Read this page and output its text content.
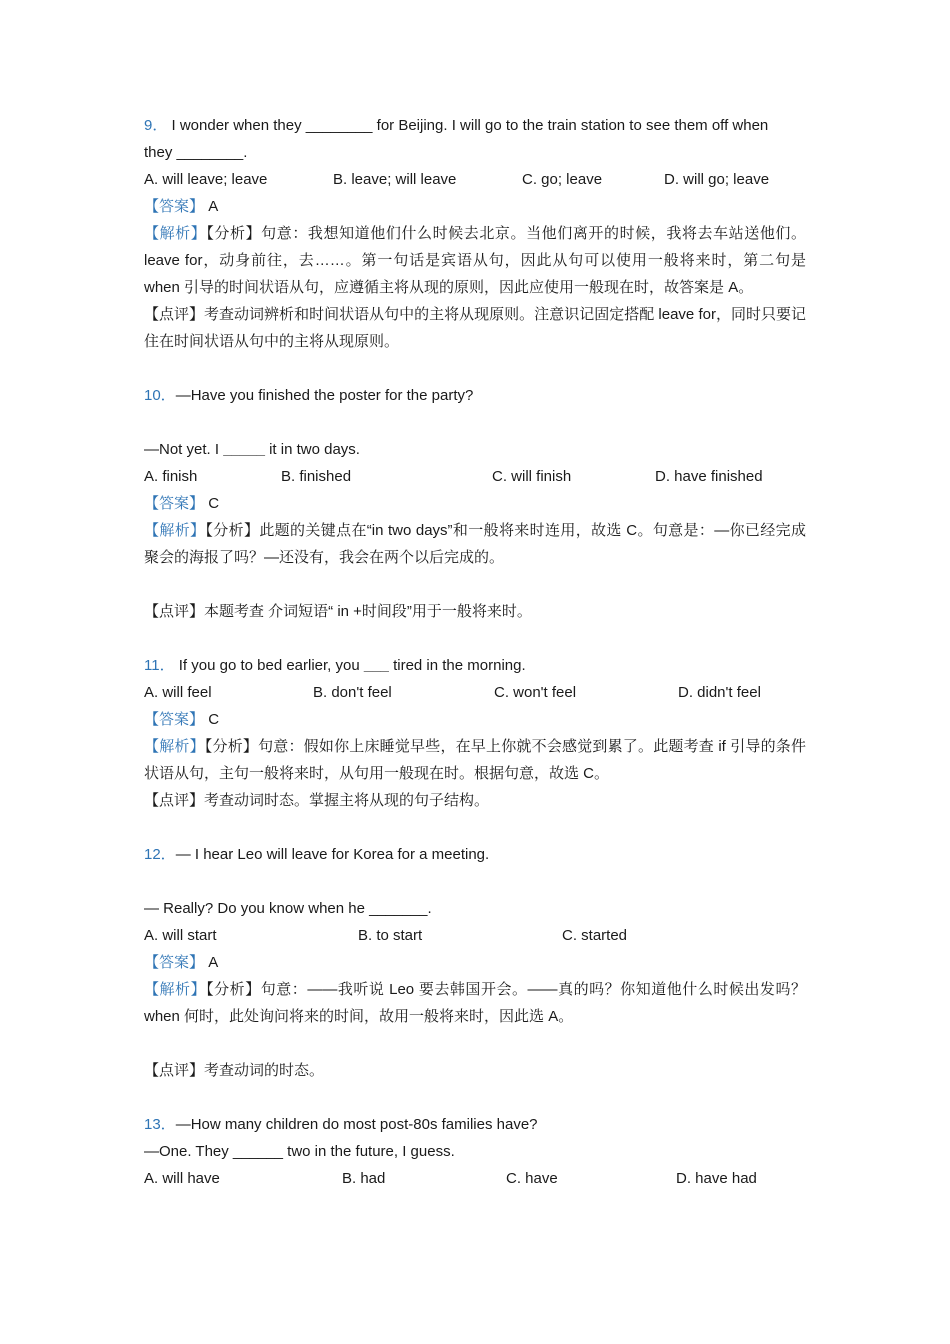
9． I wonder when they ________ for Beijing. I will go to the train station to see them off when
they ________.
A. will leave; leave	B. leave; will leave	C. go; leave	D. will go; leave
【答案】 A
【解析】【分析】句意：我想知道他们什么时候去北京。当他们离开的时候，我将去车站送他们。leave for，动身前往，去……。第一句话是宾语从句，因此从句可以使用一般将来时，第二句是 when 引导的时间状语从句，应遵循主将从现的原则，因此应使用一般现在时，故答案是 A。
【点评】考查动词辨析和时间状语从句中的主将从现原则。注意识记固定搭配 leave for，同时只要记住在时间状语从句中的主将从现原则。
10．—Have you finished the poster for the party?
—Not yet. I _____ it in two days.
A. finish	B. finished	C. will finish	D. have finished
【答案】 C
【解析】【分析】此题的关键点在“in two days”和一般将来时连用，故选 C。句意是：—你已经完成聚会的海报了吗？—还没有，我会在两个以后完成的。
【点评】本题考查 介词短语“ in +时间段”用于一般将来时。
11． If you go to bed earlier, you ___ tired in the morning.
A. will feel	B. don't feel	C. won't feel	D. didn't feel
【答案】 C
【解析】【分析】句意：假如你上床睡觉早些，在早上你就不会感觉到累了。此题考查 if 引导的条件状语从句，主句一般将来时，从句用一般现在时。根据句意，故选 C。
【点评】考查动词时态。掌握主将从现的句子结构。
12．— I hear Leo will leave for Korea for a meeting.
— Really? Do you know when he _______.
A. will start	B. to start	C. started
【答案】 A
【解析】【分析】句意：——我听说 Leo 要去韩国开会。——真的吗？你知道他什么时候出发吗？when 何时，此处询问将来的时间，故用一般将来时，因此选 A。
【点评】考查动词的时态。
13．—How many children do most post-80s families have?
—One. They ______ two in the future, I guess.
A. will have	B. had	C. have	D. have had
